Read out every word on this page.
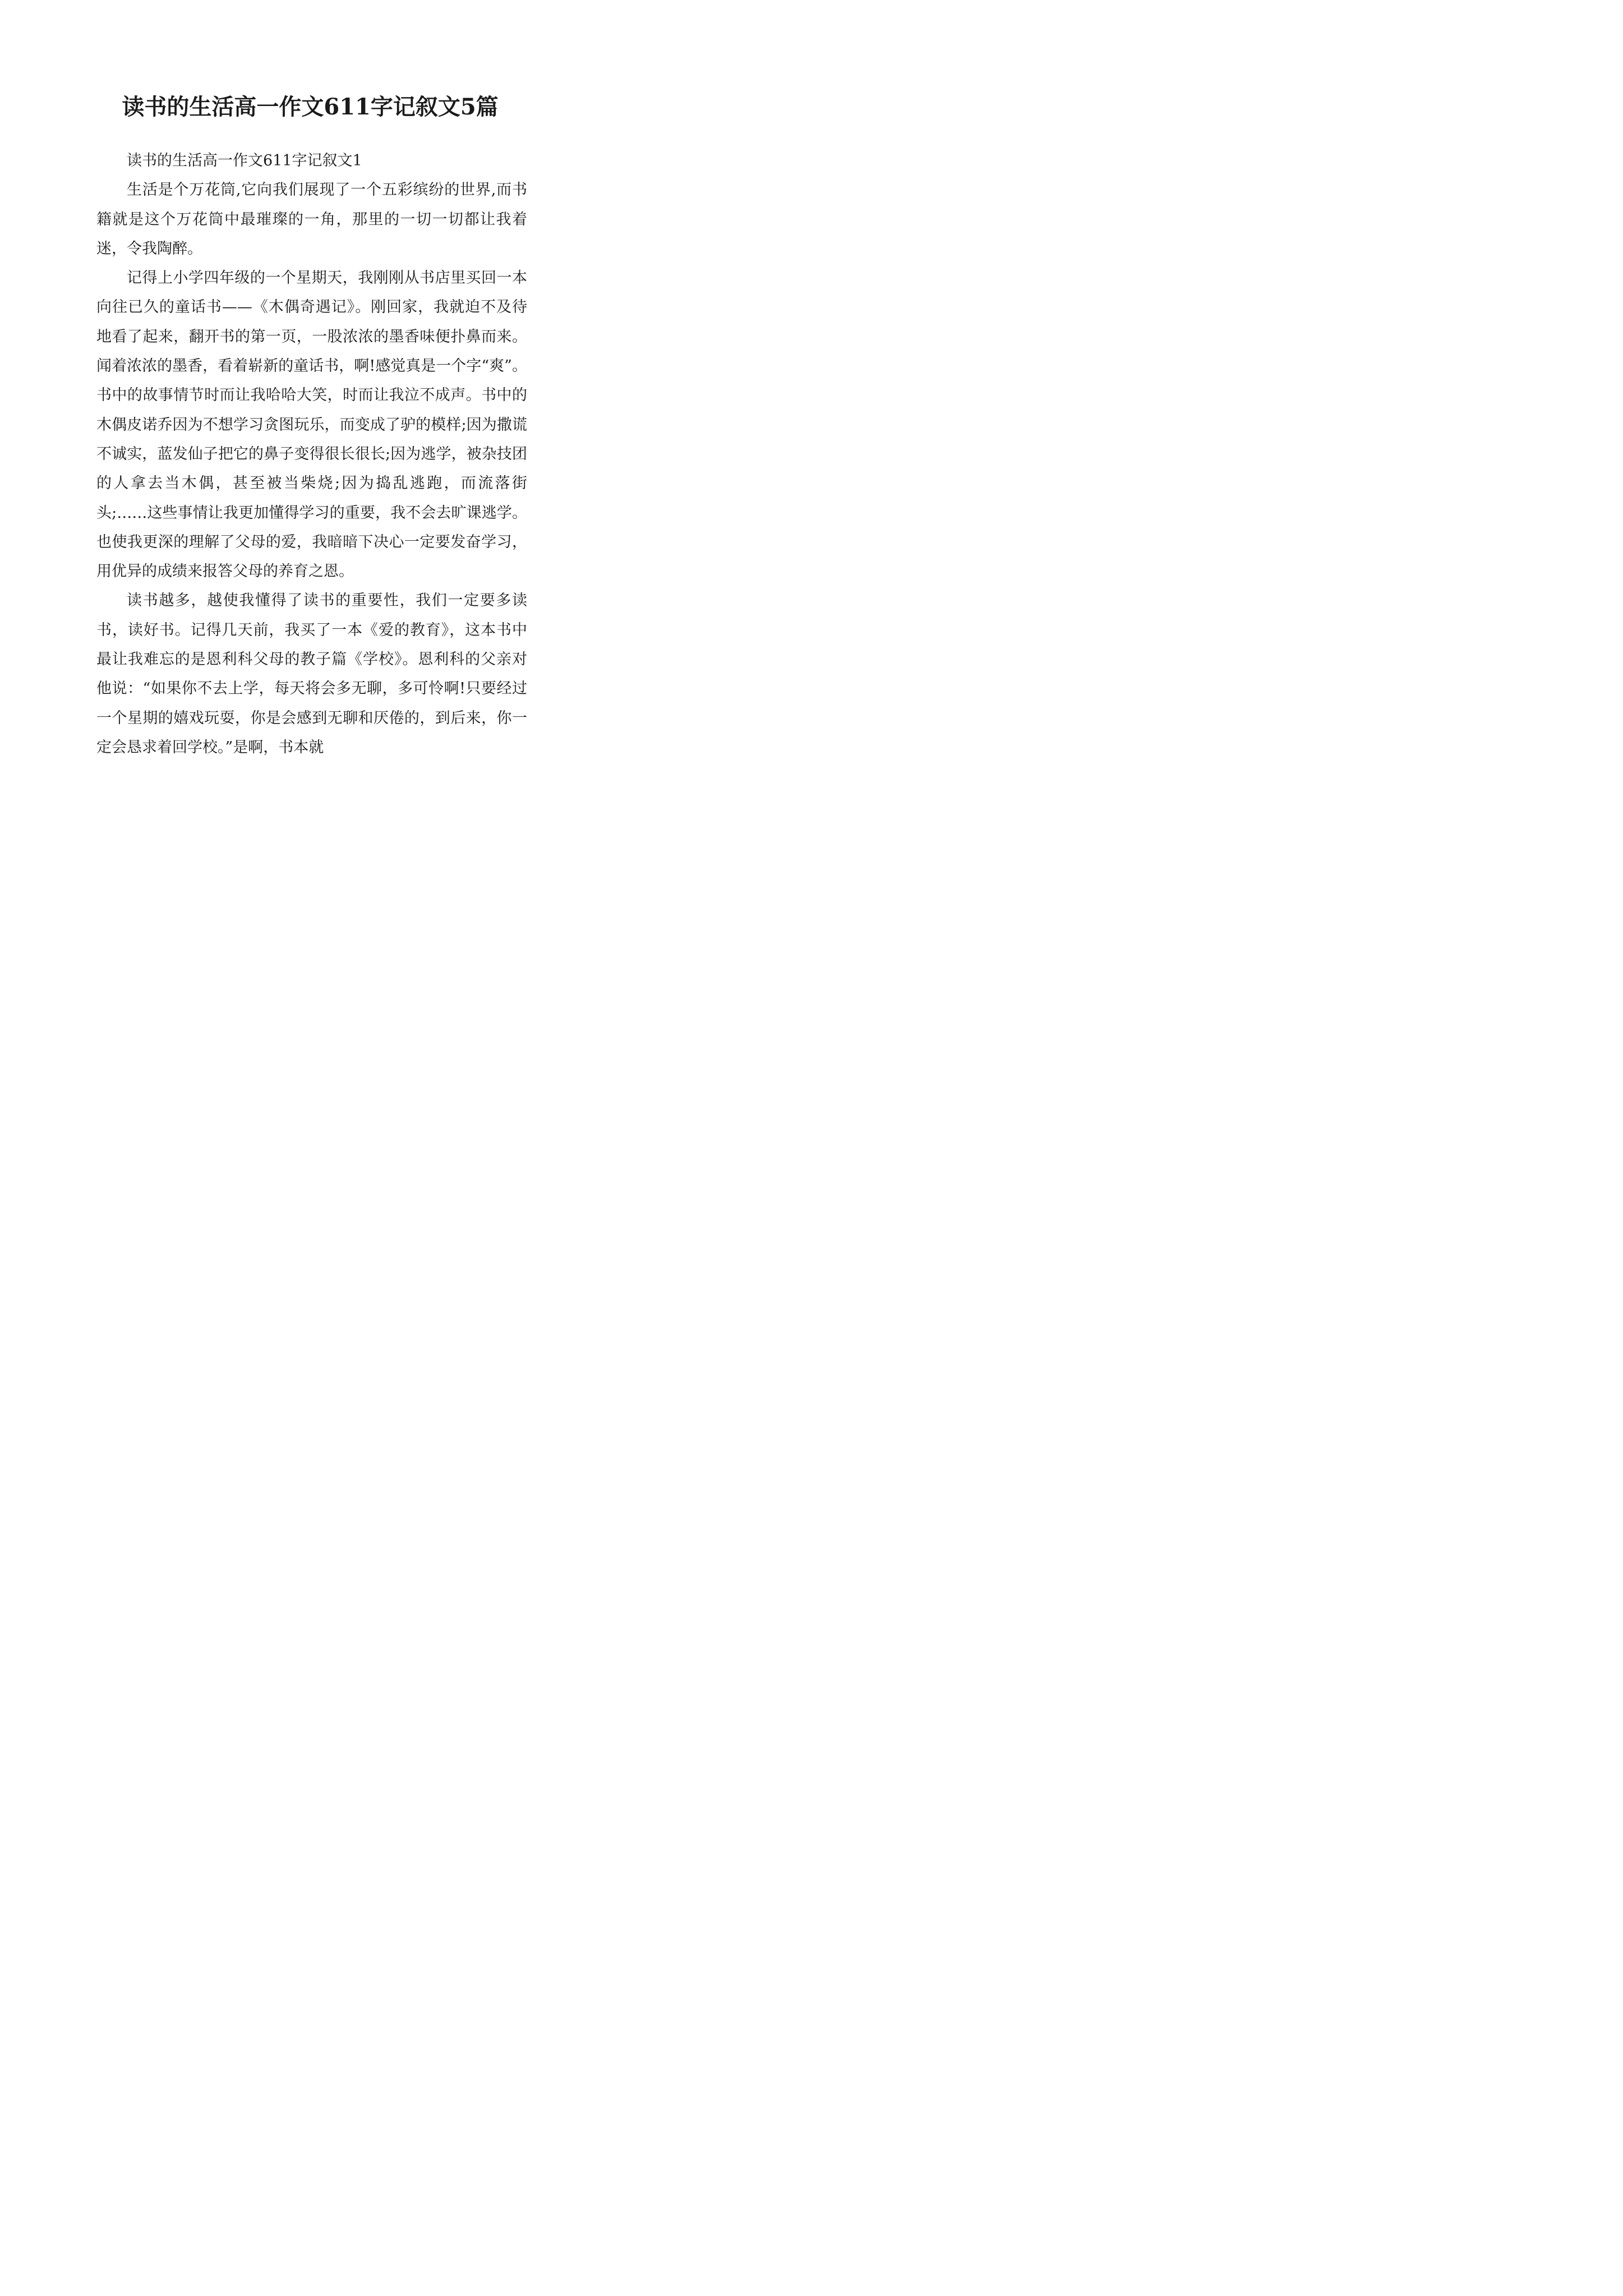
读书的生活高一作文611字记叙文5篇

读书的生活高一作文611字记叙文1

生活是个万花筒,它向我们展现了一个五彩缤纷的世界,而书籍就是这个万花筒中最璀璨的一角，那里的一切一切都让我着迷，令我陶醉。

记得上小学四年级的一个星期天，我刚刚从书店里买回一本向往已久的童话书——《木偶奇遇记》。刚回家，我就迫不及待地看了起来，翻开书的第一页，一股浓浓的墨香味便扑鼻而来。闻着浓浓的墨香，看着崭新的童话书，啊!感觉真是一个字“爽”。书中的故事情节时而让我哈哈大笑，时而让我泣不成声。书中的木偶皮诺乔因为不想学习贪图玩乐，而变成了驴的模样;因为撒谎不诚实，蓝发仙子把它的鼻子变得很长很长;因为逃学，被杂技团的人拿去当木偶，甚至被当柴烧;因为捣乱逃跑，而流落街头;……这些事情让我更加懂得学习的重要，我不会去旷课逃学。也使我更深的理解了父母的爱，我暗暗下决心一定要发奋学习，用优异的成绩来报答父母的养育之恩。

读书越多，越使我懂得了读书的重要性，我们一定要多读书，读好书。记得几天前，我买了一本《爱的教育》，这本书中最让我难忘的是恩利科父母的教子篇《学校》。恩利科的父亲对他说：“如果你不去上学，每天将会多无聊，多可怜啊!只要经过一个星期的嬉戏玩耍，你是会感到无聊和厌倦的，到后来，你一定会恳求着回学校。”是啊，书本就
